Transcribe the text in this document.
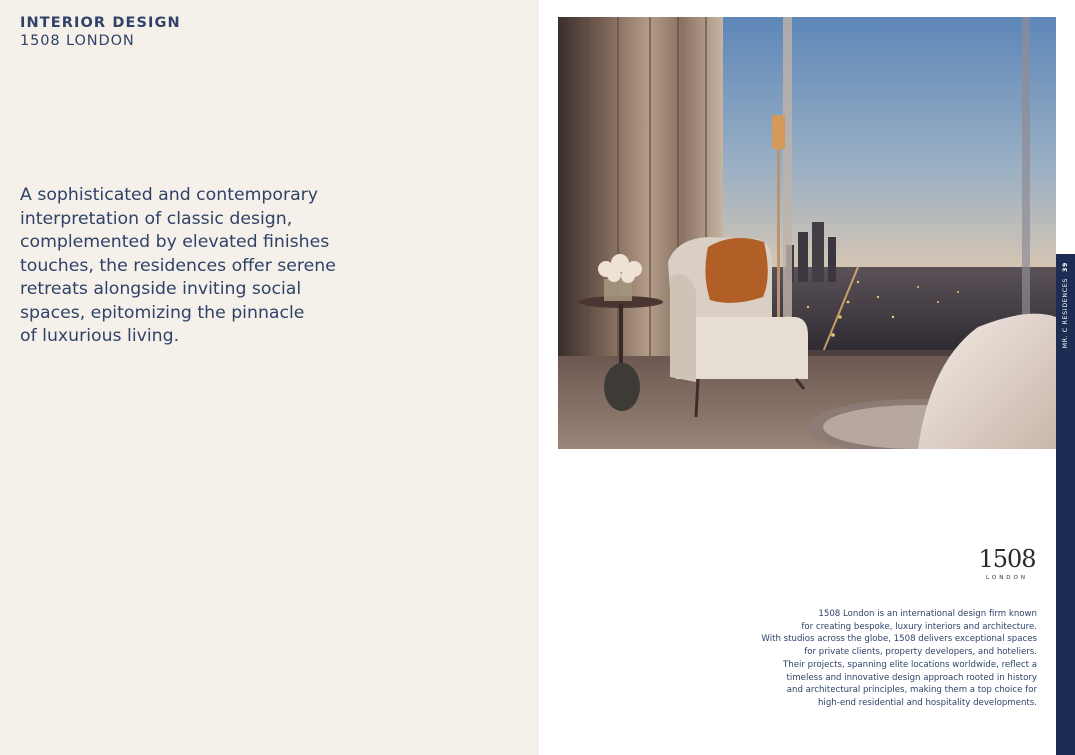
INTERIOR DESIGN
1508 LONDON
A sophisticated and contemporary
interpretation of classic design,
complemented by elevated finishes
touches, the residences offer serene
retreats alongside inviting social
spaces, epitomizing the pinnacle
of luxurious living.
1508
LONDON
1508 London is an international design firm known
for creating bespoke, luxury interiors and architecture.
With studios across the globe, 1508 delivers exceptional spaces
for private clients, property developers, and hoteliers.
Their projects, spanning elite locations worldwide, reflect a
timeless and innovative design approach rooted in history
and architectural principles, making them a top choice for
high-end residential and hospitality developments.
MR. C RESIDENCES39
